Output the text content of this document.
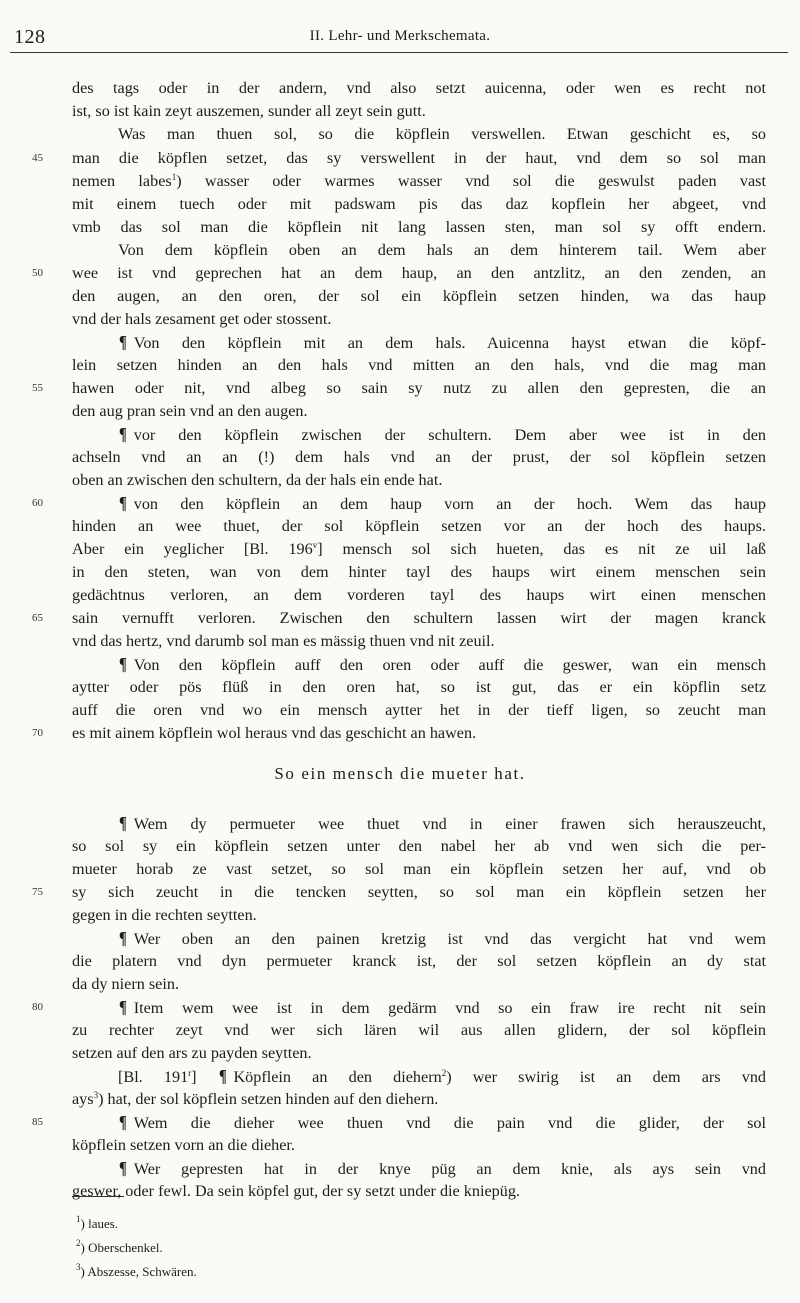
128	II. Lehr- und Merkschemata.
des tags oder in der andern, vnd also setzt auicenna, oder wen es recht not
ist, so ist kain zeyt auszemen, sunder all zeyt sein gutt.
Was man thuen sol, so die köpflein verswellen. Etwan geschicht es, so
45	man die köpflen setzet, das sy verswellent in der haut, vnd dem so sol man
nemen labes$^1$) wasser oder warmes wasser vnd sol die geswulst paden vast
mit einem tuech oder mit padswam pis das daz kopflein her abgeet, vnd
vmb das sol man die köpflein nit lang lassen sten, man sol sy offt endern.
Von dem köpflein oben an dem hals an dem hinterem tail. Wem aber
50	wee ist vnd geprechen hat an dem haup, an den antzlitz, an den zenden, an
den augen, an den oren, der sol ein köpflein setzen hinden, wa das haup
vnd der hals zesament get oder stossent.
¶ Von den köpflein mit an dem hals. Auicenna hayst etwan die köpf-
lein setzen hinden an den hals vnd mitten an den hals, vnd die mag man
55	hawen oder nit, vnd albeg so sain sy nutz zu allen den gepresten, die an
den aug pran sein vnd an den augen.
¶ vor den köpflein zwischen der schultern. Dem aber wee ist in den
achseln vnd an an (!) dem hals vnd an der prust, der sol köpflein setzen
oben an zwischen den schultern, da der hals ein ende hat.
60	¶ von den köpflein an dem haup vorn an der hoch. Wem das haup
hinden an wee thuet, der sol köpflein setzen vor an der hoch des haups.
Aber ein yeglicher [Bl. 196$^v$] mensch sol sich hueten, das es nit ze uil laß
in den steten, wan von dem hinter tayl des haups wirt einem menschen sein
gedächtnus verloren, an dem vorderen tayl des haups wirt einen menschen
65	sain vernufft verloren. Zwischen den schultern lassen wirt der magen kranck
vnd das hertz, vnd darumb sol man es mässig thuen vnd nit zeuil.
¶ Von den köpflein auff den oren oder auff die geswer, wan ein mensch
aytter oder pös flüß in den oren hat, so ist gut, das er ein köpflin setz
auff die oren vnd wo ein mensch aytter het in der tieff ligen, so zeucht man
70	es mit ainem köpflein wol heraus vnd das geschicht an hawen.
So ein mensch die mueter hat.
¶ Wem dy permueter wee thuet vnd in einer frawen sich herauszeucht,
so sol sy ein köpflein setzen unter den nabel her ab vnd wen sich die per-
mueter horab ze vast setzet, so sol man ein köpflein setzen her auf, vnd ob
75	sy sich zeucht in die tencken seytten, so sol man ein köpflein setzen her
gegen in die rechten seytten.
¶ Wer oben an den painen kretzig ist vnd das vergicht hat vnd wem
die platern vnd dyn permueter kranck ist, der sol setzen köpflein an dy stat
da dy niern sein.
80	¶ Item wem wee ist in dem gedärm vnd so ein fraw ire recht nit sein
zu rechter zeyt vnd wer sich lären wil aus allen glidern, der sol köpflein
setzen auf den ars zu payden seytten.
[Bl. 191$^r$] ¶ Köpflein an den diehern$^2$) wer swirig ist an dem ars vnd
ays$^3$) hat, der sol köpflein setzen hinden auf den diehern.
85	¶ Wem die dieher wee thuen vnd die pain vnd die glider, der sol
köpflein setzen vorn an die dieher.
¶ Wer gepresten hat in der knye püg an dem knie, als ays sein vnd
geswer, oder fewl. Da sein köpfel gut, der sy setzt under die kniepüg.
$^1$) laues.
$^2$) Oberschenkel.
$^3$) Abszesse, Schwären.
